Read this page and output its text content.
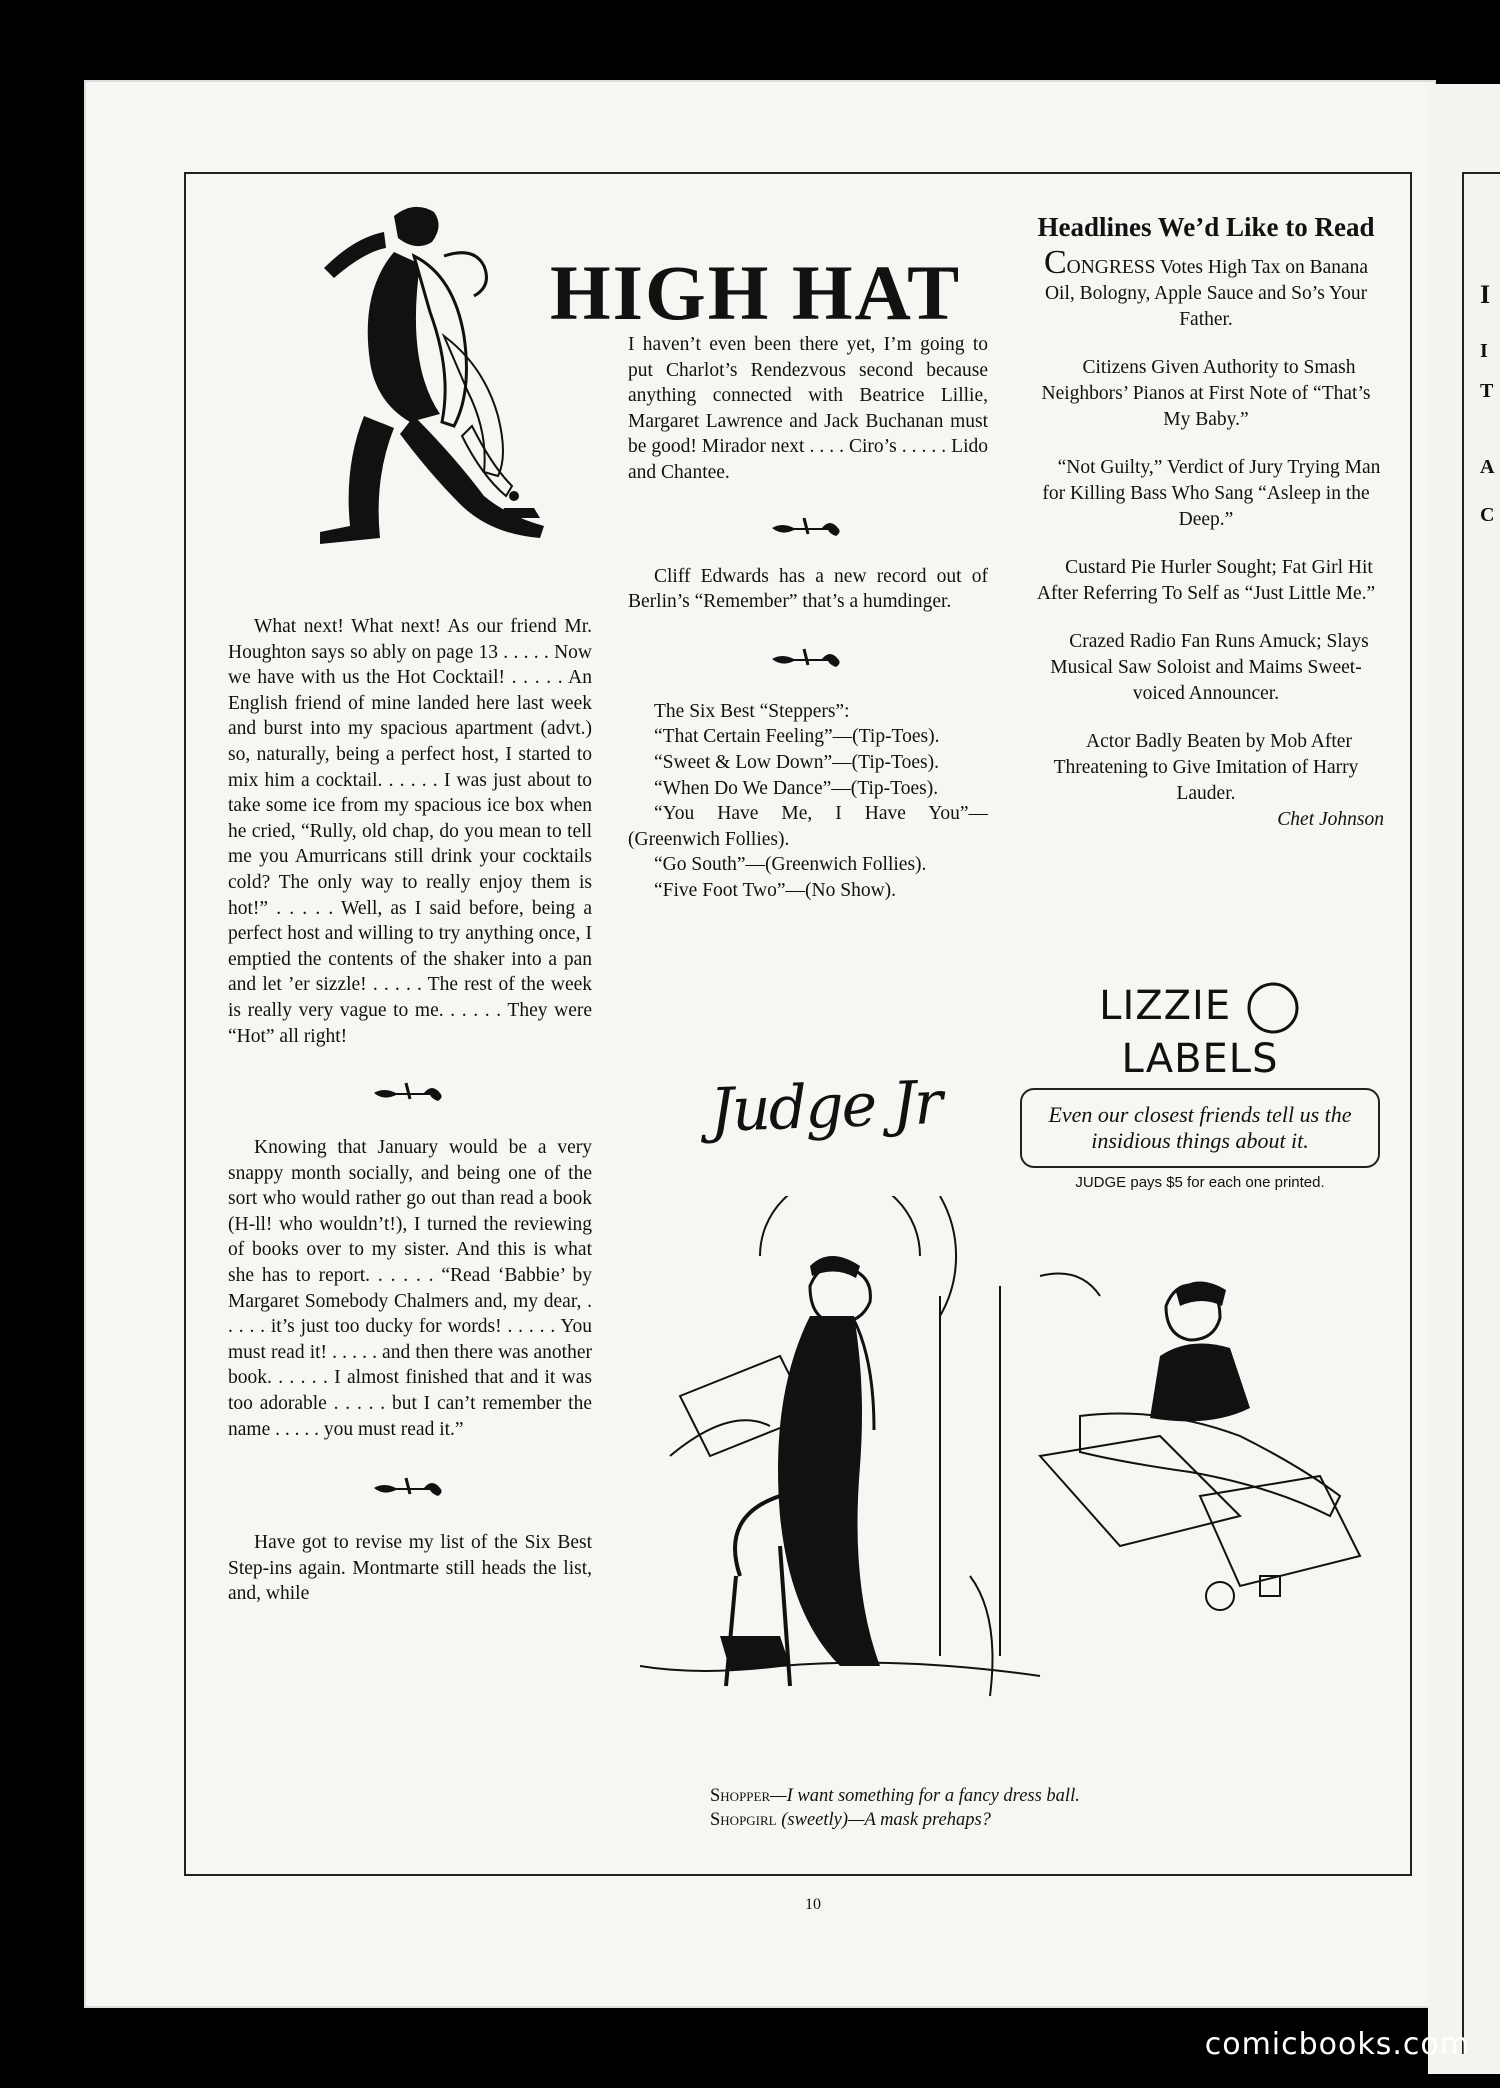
I
I
T
A
C
HIGH HAT

What next! What next! As our friend Mr. Houghton says so ably on page 13 . . . . . Now we have with us the Hot Cocktail! . . . . . An English friend of mine landed here last week and burst into my spacious apartment (advt.) so, naturally, being a perfect host, I started to mix him a cocktail. . . . . . I was just about to take some ice from my spacious ice box when he cried, “Rully, old chap, do you mean to tell me you Amurricans still drink your cocktails cold? The only way to really enjoy them is hot!” . . . . . Well, as I said before, being a perfect host and willing to try anything once, I emptied the contents of the shaker into a pan and let ’er sizzle! . . . . . The rest of the week is really very vague to me. . . . . . They were “Hot” all right!

Knowing that January would be a very snappy month socially, and being one of the sort who would rather go out than read a book (H-ll! who wouldn’t!), I turned the reviewing of books over to my sister. And this is what she has to report. . . . . . “Read ‘Babbie’ by Margaret Somebody Chalmers and, my dear, . . . . . it’s just too ducky for words! . . . . . You must read it! . . . . . and then there was another book. . . . . . I almost finished that and it was too adorable . . . . . but I can’t remember the name . . . . . you must read it.”

Have got to revise my list of the Six Best Step-ins again. Montmarte still heads the list, and, while

I haven’t even been there yet, I’m going to put Charlot’s Rendezvous second because anything connected with Beatrice Lillie, Margaret Lawrence and Jack Buchanan must be good! Mirador next . . . . Ciro’s . . . . . Lido and Chantee.

Cliff Edwards has a new record out of Berlin’s “Remember” that’s a humdinger.

The Six Best “Steppers”:

“That Certain Feeling”—(Tip-Toes).

“Sweet & Low Down”—(Tip-Toes).

“When Do We Dance”—(Tip-Toes).

“You Have Me, I Have You”—(Greenwich Follies).

“Go South”—(Greenwich Follies).

“Five Foot Two”—(No Show).

Judge Jr
Headlines We’d Like to Read

CONGRESS Votes High Tax on Banana Oil, Bologny, Apple Sauce and So’s Your Father.

Citizens Given Authority to Smash Neighbors’ Pianos at First Note of “That’s My Baby.”

“Not Guilty,” Verdict of Jury Trying Man for Killing Bass Who Sang “Asleep in the Deep.”

Custard Pie Hurler Sought; Fat Girl Hit After Referring To Self as “Just Little Me.”

Crazed Radio Fan Runs Amuck; Slays Musical Saw Soloist and Maims Sweet-voiced Announcer.

Actor Badly Beaten by Mob After Threatening to Give Imitation of Harry Lauder.

Chet Johnson

LIZZIE  LABELS
Even our closest friends tell us the insidious things about it.
JUDGE pays $5 for each one printed.
Shopper—I want something for a fancy dress ball.
Shopgirl (sweetly)—A mask prehaps?
10
comicbooks.com
